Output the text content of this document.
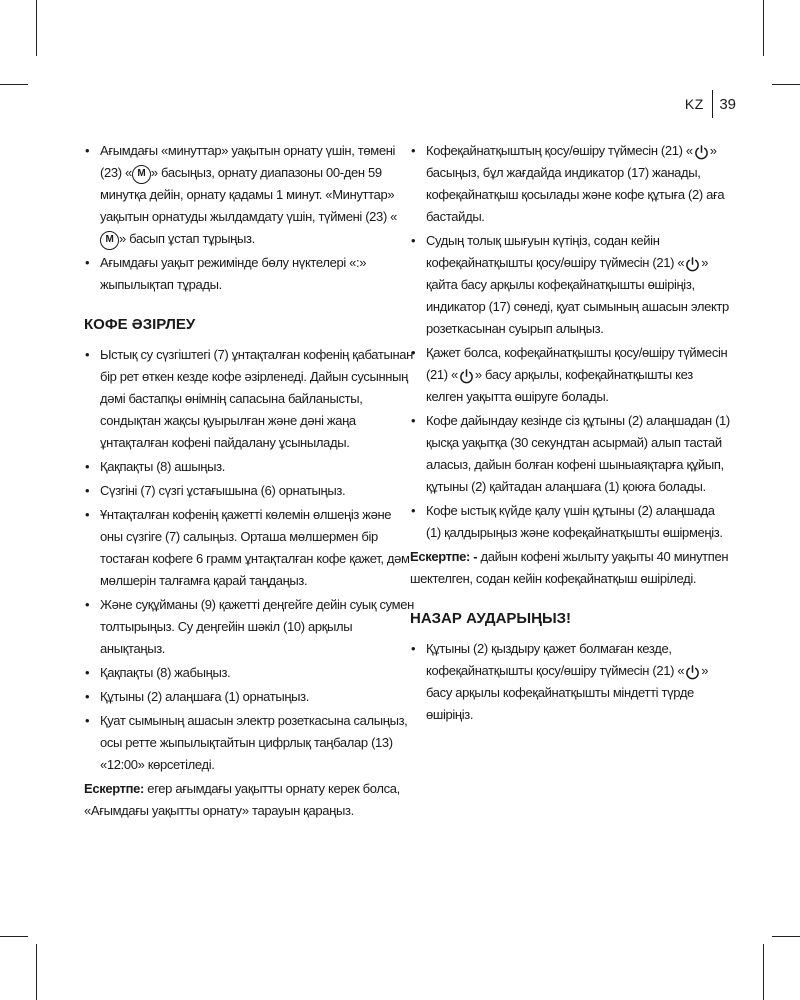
KZ 39
• Ағымдағы «минуттар» уақытын орнату үшін, төмені (23) «M » басыңыз, орнату диапазоны 00-ден 59 минутқа дейін, орнату қадамы 1 минут. «Минуттар» уақытын орнатуды жылдамдату үшін, түймені (23) «M» басып ұстап тұрыңыз.
• Ағымдағы уақыт режимінде бөлу нүктелері «:» жыпылықтап тұрады.
КОФЕ ӘЗІРЛЕУ
• Ыстық су сүзгіштегі (7) ұнтақталған кофенің қабатынан бір рет өткен кезде кофе әзірленеді. Дайын сусынның дәмі бастапқы өнімнің сапасына байланысты, сондықтан жақсы қуырылған және дәні жаңа ұнтақталған кофені пайдалану ұсынылады.
• Қақпақты (8) ашыңыз.
• Сүзгіні (7) сүзгі ұстағышына (6) орнатыңыз.
• Ұнтақталған кофенің қажетті көлемін өлшеңіз және оны сүзгіге (7) салыңыз. Орташа мөлшермен бір тостаған кофеге 6 грамм ұнтақталған кофе қажет, дәм мөлшерін талғамға қарай таңдаңыз.
• Және суқұйманы (9) қажетті деңгейге дейін суық сумен толтырыңыз. Су деңгейін шәкіл (10) арқылы анықтаңыз.
• Қақпақты (8) жабыңыз.
• Құтыны (2) алаңшаға (1) орнатыңыз.
• Қуат сымының ашасын электр розеткасына салыңыз, осы ретте жыпылықтайтын цифрлық таңбалар (13) «12:00» көрсетіледі.
Ескертпе: егер ағымдағы уақытты орнату керек болса, «Ағымдағы уақытты орнату» тарауын қараңыз.
• Кофеқайнатқыштың қосу/өшіру түймесін (21) « » басыңыз, бұл жағдайда индикатор (17) жанады, кофеқайнатқыш қосылады және кофе құтыға (2) аға бастайды.
• Судың толық шығуын күтіңіз, содан кейін кофеқайнатқышты қосу/өшіру түймесін (21) « » қайта басу арқылы кофеқайнатқышты өшіріңіз, индикатор (17) сөнеді, қуат сымының ашасын электр розеткасынан суырып алыңыз.
• Қажет болса, кофеқайнатқышты қосу/өшіру түймесін (21) « » басу арқылы, кофеқайнатқышты кез келген уақытта өшіруге болады.
• Кофе дайындау кезінде сіз құтыны (2) алаңшадан (1) қысқа уақытқа (30 секундтан асырмай) алып тастай аласыз, дайын болған кофені шыныаяқтарға құйып, құтыны (2) қайтадан алаңшаға (1) қоюға болады.
• Кофе ыстық күйде қалу үшін құтыны (2) алаңшада (1) қалдырыңыз және кофеқайнатқышты өшірмеңіз.
Ескертпе: - дайын кофені жылыту уақыты 40 минутпен шектелген, содан кейін кофеқайнатқыш өшіріледі.
НАЗАР АУДАРЫҢЫЗ!
• Құтыны (2) қыздыру қажет болмаған кезде, кофеқайнатқышты қосу/өшіру түймесін (21) « » басу арқылы кофеқайнатқышты міндетті түрде өшіріңіз.
